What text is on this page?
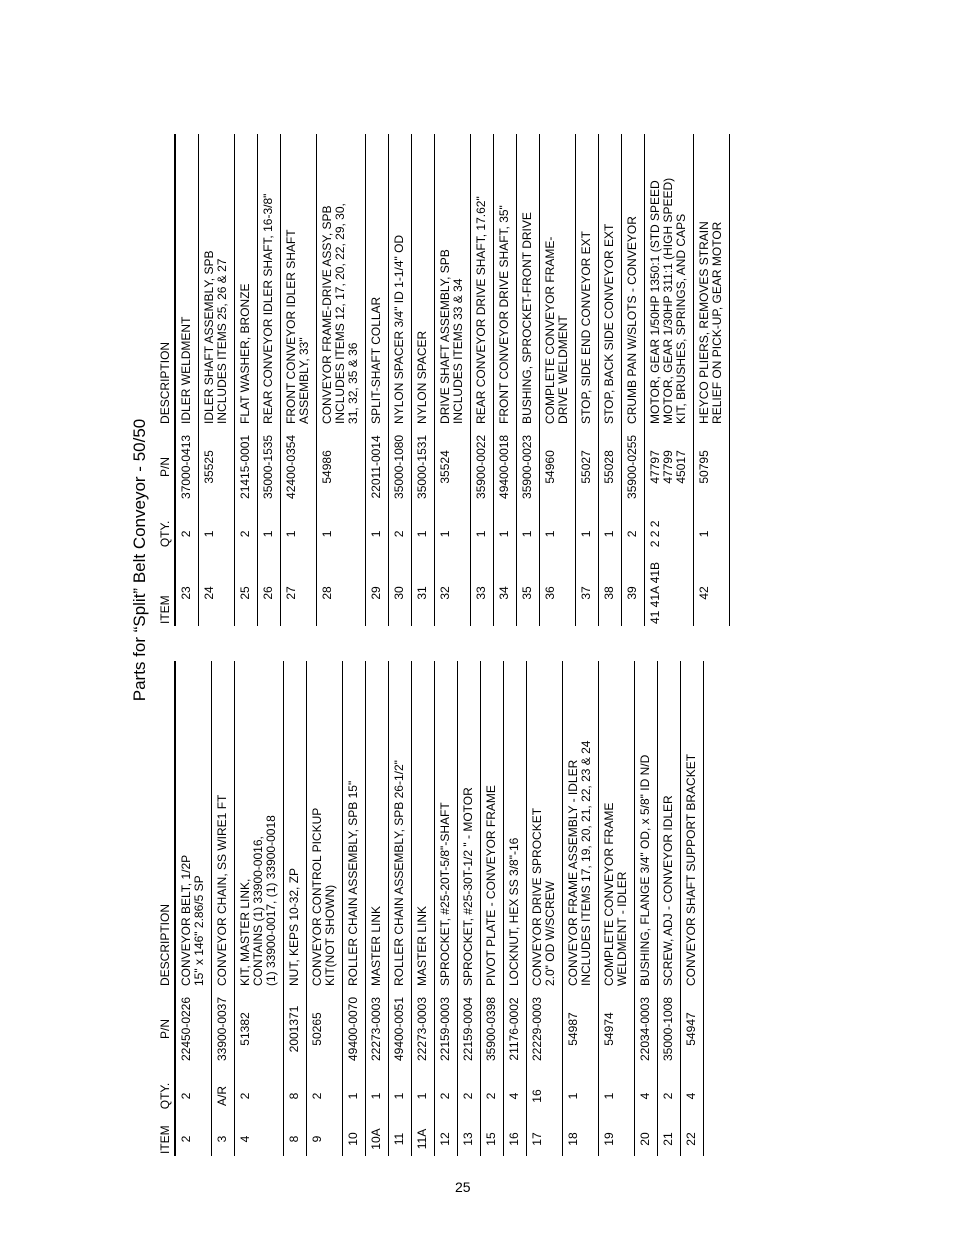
Parts for “Split” Belt Conveyor - 50/50
ITEM	QTY.	P/N	DESCRIPTION
2	2	22450-0226	CONVEYOR BELT, 1/2P
15" x 146" 2.86/5 SP
3	A/R	33900-0037	CONVEYOR CHAIN, SS WIRE1 FT
4	2	51382	KIT, MASTER LINK,
CONTAINS (1) 33900-0016,
(1) 33900-0017, (1) 33900-0018
8	8	2001371	NUT, KEPS 10-32, ZP
9	2	50265	CONVEYOR CONTROL PICKUP
KIT(NOT SHOWN)
10	1	49400-0070	ROLLER CHAIN ASSEMBLY, SPB 15"
10A	1	22273-0003	MASTER LINK
11	1	49400-0051	ROLLER CHAIN ASSEMBLY, SPB 26-1/2"
11A	1	22273-0003	MASTER LINK
12	2	22159-0003	SPROCKET, #25-20T-5/8"-SHAFT
13	2	22159-0004	SPROCKET, #25-30T-1/2 " - MOTOR
15	2	35900-0398	PIVOT PLATE - CONVEYOR FRAME
16	4	21176-0002	LOCKNUT, HEX SS 3/8"-16
17	16	22229-0003	CONVEYOR DRIVE SPROCKET
2.0" OD W/SCREW
18	1	54987	CONVEYOR FRAME ASSEMBLY - IDLER
INCLUDES ITEMS 17, 19, 20, 21, 22, 23 & 24
19	1	54974	COMPLETE CONVEYOR FRAME
WELDMENT - IDLER
20	4	22034-0003	BUSHING, FLANGE 3/4" OD, x 5/8" ID N/D
21	2	35000-1008	SCREW, ADJ - CONVEYOR IDLER
22	4	54947	CONVEYOR SHAFT SUPPORT BRACKET
ITEM	QTY.	P/N	DESCRIPTION
23	2	37000-0413	IDLER WELDMENT
24	1	35525	IDLER SHAFT ASSEMBLY, SPB
INCLUDES ITEMS 25, 26 & 27
25	2	21415-0001	FLAT WASHER, BRONZE
26	1	35000-1535	REAR CONVEYOR IDLER SHAFT, 16-3/8"
27	1	42400-0354	FRONT CONVEYOR IDLER SHAFT
ASSEMBLY, 33"
28	1	54986	CONVEYOR FRAME-DRIVE ASSY, SPB
INCLUDES ITEMS 12, 17, 20, 22, 29, 30,
31, 32, 35 & 36
29	1	22011-0014	SPLIT-SHAFT COLLAR
30	2	35000-1080	NYLON SPACER 3/4" ID 1-1/4" OD
31	1	35000-1531	NYLON SPACER
32	1	35524	DRIVE SHAFT ASSEMBLY, SPB
INCLUDES ITEMS 33 & 34
33	1	35900-0022	REAR CONVEYOR DRIVE SHAFT, 17.62"
34	1	49400-0018	FRONT CONVEYOR DRIVE SHAFT, 35"
35	1	35900-0023	BUSHING, SPROCKET-FRONT DRIVE
36	1	54960	COMPLETE CONVEYOR FRAME-
DRIVE WELDMENT
37	1	55027	STOP, SIDE END CONVEYOR EXT
38	1	55028	STOP, BACK SIDE CONVEYOR EXT
39	2	35900-0255	CRUMB PAN W/SLOTS - CONVEYOR
41 41A 41B	2 2 2	47797
47799
45017	MOTOR, GEAR 1/50HP 1350:1 (STD SPEED
MOTOR, GEAR 1/30HP 311:1 (HIGH SPEED)
KIT, BRUSHES, SPRINGS, AND CAPS
42	1	50795	HEYCO PLIERS, REMOVES STRAIN
RELIEF ON PICK-UP, GEAR MOTOR
25
